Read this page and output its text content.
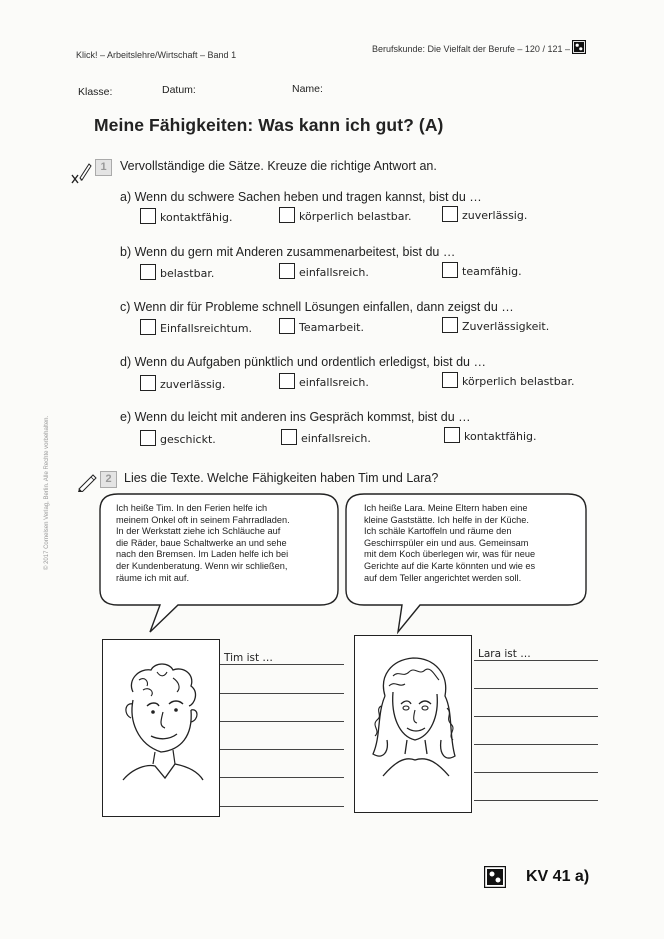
Klick! – Arbeitslehre/Wirtschaft – Band 1
Berufskunde: Die Vielfalt der Berufe – 120 / 121 –
Klasse:	Datum:	Name:
Meine Fähigkeiten: Was kann ich gut? (A)
1	Vervollständige die Sätze. Kreuze die richtige Antwort an.
a) Wenn du schwere Sachen heben und tragen kannst, bist du …
kontaktfähig.	körperlich belastbar.	zuverlässig.
b) Wenn du gern mit Anderen zusammenarbeitest, bist du …
belastbar.	einfallsreich.	teamfähig.
c) Wenn dir für Probleme schnell Lösungen einfallen, dann zeigst du …
Einfallsreichtum.	Teamarbeit.	Zuverlässigkeit.
d) Wenn du Aufgaben pünktlich und ordentlich erledigst, bist du …
zuverlässig.	einfallsreich.	körperlich belastbar.
e) Wenn du leicht mit anderen ins Gespräch kommst, bist du …
geschickt.	einfallsreich.	kontaktfähig.
2 Lies die Texte. Welche Fähigkeiten haben Tim und Lara?
Ich heiße Tim. In den Ferien helfe ich
meinem Onkel oft in seinem Fahrradladen.
In der Werkstatt ziehe ich Schläuche auf
die Räder, baue Schaltwerke an und sehe
nach den Bremsen. Im Laden helfe ich bei
der Kundenberatung. Wenn wir schließen,
räume ich mit auf.
Ich heiße Lara. Meine Eltern haben eine
kleine Gaststätte. Ich helfe in der Küche.
Ich schäle Kartoffeln und räume den
Geschirrspüler ein und aus. Gemeinsam
mit dem Koch überlegen wir, was für neue
Gerichte auf die Karte könnten und wie es
auf dem Teller angerichtet werden soll.
Tim ist …	Lara ist …
© 2017 Cornelsen Verlag, Berlin. Alle Rechte vorbehalten.
KV 41 a)
